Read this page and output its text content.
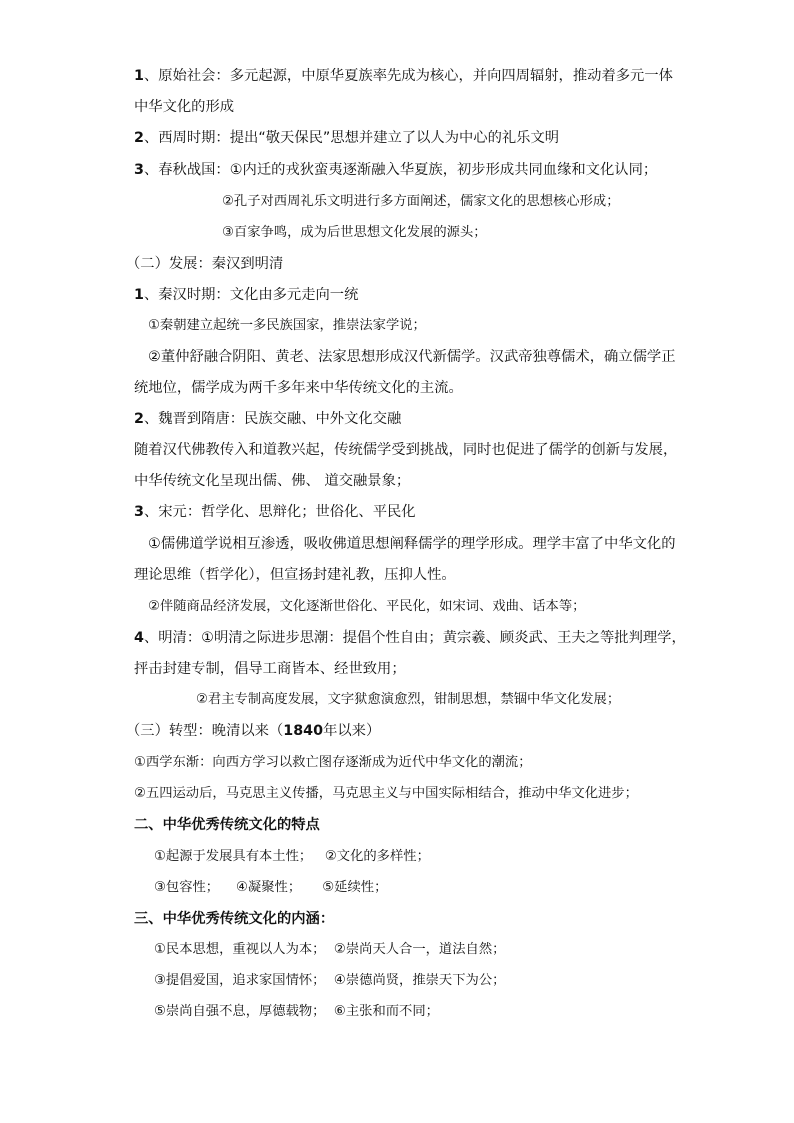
1、原始社会：多元起源，中原华夏族率先成为核心，并向四周辐射，推动着多元一体
中华文化的形成
2、西周时期：提出“敬天保民”思想并建立了以人为中心的礼乐文明
3、春秋战国：①内迁的戎狄蛮夷逐渐融入华夏族，初步形成共同血缘和文化认同；
②孔子对西周礼乐文明进行多方面阐述，儒家文化的思想核心形成；
③百家争鸣，成为后世思想文化发展的源头；
（二）发展：秦汉到明清
1、秦汉时期：文化由多元走向一统
①秦朝建立起统一多民族国家，推崇法家学说；
②董仲舒融合阴阳、黄老、法家思想形成汉代新儒学。汉武帝独尊儒术，确立儒学正
统地位，儒学成为两千多年来中华传统文化的主流。
2、魏晋到隋唐：民族交融、中外文化交融
随着汉代佛教传入和道教兴起，传统儒学受到挑战，同时也促进了儒学的创新与发展，
中华传统文化呈现出儒、佛、 道交融景象；
3、宋元：哲学化、思辩化；世俗化、平民化
①儒佛道学说相互渗透，吸收佛道思想阐释儒学的理学形成。理学丰富了中华文化的
理论思维（哲学化），但宣扬封建礼教，压抑人性。
②伴随商品经济发展，文化逐渐世俗化、平民化，如宋词、戏曲、话本等；
4、明清：①明清之际进步思潮：提倡个性自由；黄宗羲、顾炎武、王夫之等批判理学，
抨击封建专制，倡导工商皆本、经世致用；
②君主专制高度发展，文字狱愈演愈烈，钳制思想，禁锢中华文化发展；
（三）转型：晚清以来（1840年以来）
①西学东渐：向西方学习以救亡图存逐渐成为近代中华文化的潮流；
②五四运动后，马克思主义传播，马克思主义与中国实际相结合，推动中华文化进步；
二、中华优秀传统文化的特点
①起源于发展具有本土性；   ②文化的多样性；
③包容性；    ④凝聚性；     ⑤延续性；
三、中华优秀传统文化的内涵：
①民本思想，重视以人为本；  ②崇尚天人合一，道法自然；
③提倡爱国，追求家国情怀；  ④崇德尚贤，推崇天下为公；
⑤崇尚自强不息，厚德载物；  ⑥主张和而不同；
